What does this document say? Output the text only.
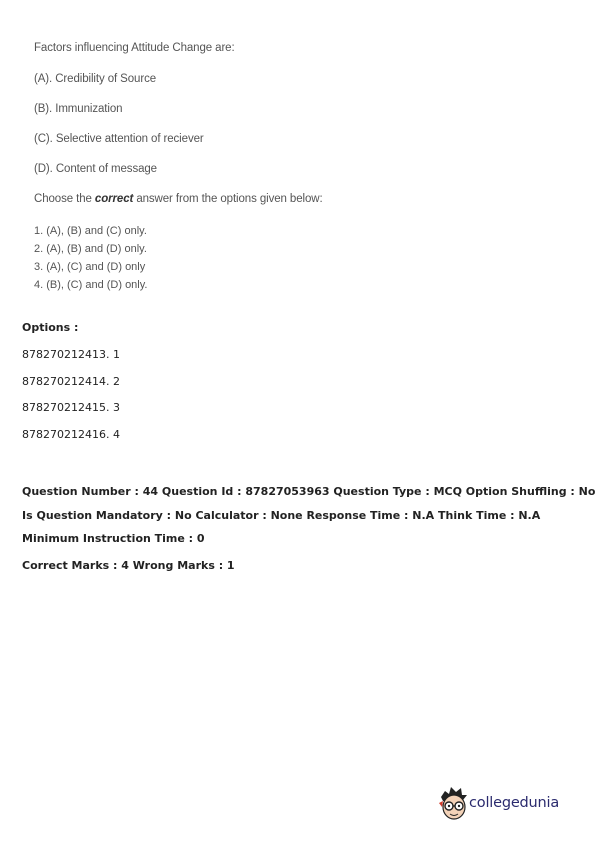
Factors influencing Attitude Change are:
(A). Credibility of Source
(B). Immunization
(C). Selective attention of reciever
(D). Content of message
Choose the correct answer from the options given below:
1. (A), (B) and (C) only.
2. (A), (B) and (D) only.
3. (A), (C) and (D) only
4. (B), (C) and (D) only.
Options :
878270212413. 1
878270212414. 2
878270212415. 3
878270212416. 4
Question Number : 44 Question Id : 87827053963 Question Type : MCQ Option Shuffling : No
Is Question Mandatory : No Calculator : None Response Time : N.A Think Time : N.A
Minimum Instruction Time : 0
Correct Marks : 4 Wrong Marks : 1
collegedunia
